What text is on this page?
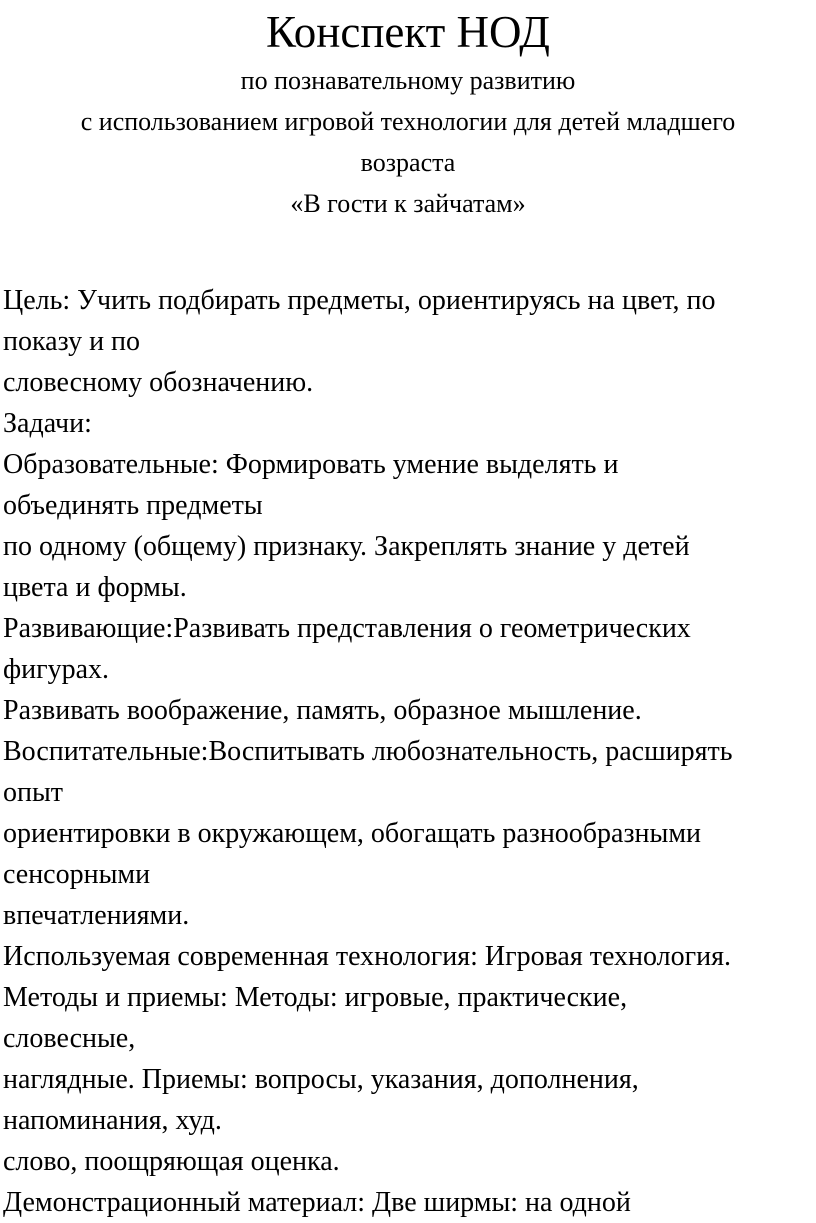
Конспект НОД
по познавательному развитию
с использованием игровой технологии для детей младшего
возраста
«В гости к зайчатам»
Цель: Учить подбирать предметы, ориентируясь на цвет, по
показу и по
словесному обозначению.
Задачи:
Образовательные: Формировать умение выделять и
объединять предметы
по одному (общему) признаку. Закреплять знание у детей
цвета и формы.
Развивающие:Развивать представления о геометрических
фигурах.
Развивать воображение, память, образное мышление.
Воспитательные:Воспитывать любознательность, расширять
опыт
ориентировки в окружающем, обогащать разнообразными
сенсорными
впечатлениями.
Используемая современная технология: Игровая технология.
Методы и приемы: Методы: игровые, практические,
словесные,
наглядные. Приемы: вопросы, указания, дополнения,
напоминания, худ.
слово, поощряющая оценка.
Демонстрационный материал: Две ширмы: на одной
